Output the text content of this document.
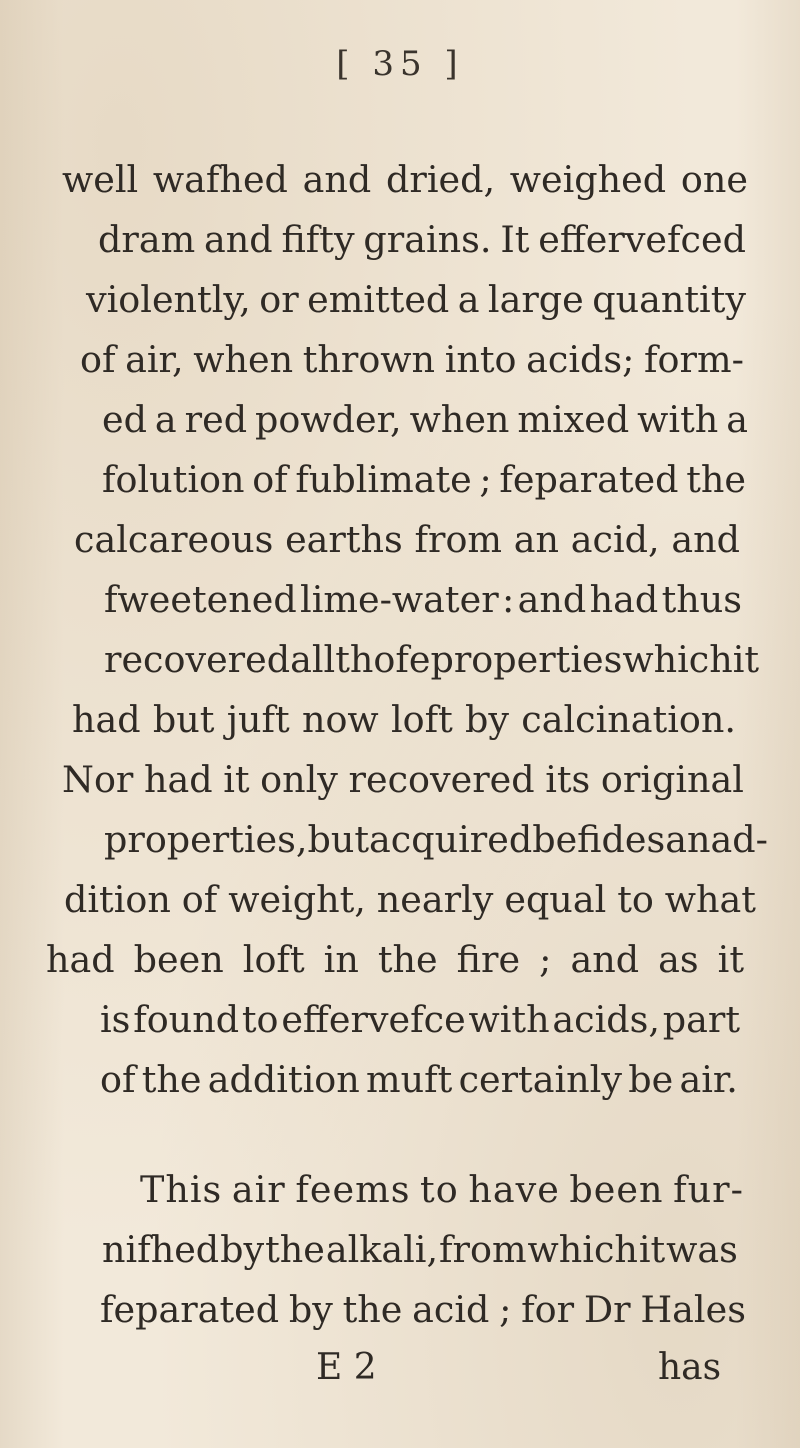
[ 35 ]
well wafhed and dried, weighed one
dram and fifty grains. It effervefced
violently, or emitted a large quantity
of air, when thrown into acids; form-
ed a red powder, when mixed with a
folution of fublimate ; feparated the
calcareous earths from an acid, and
fweetened lime-water : and had thus
recovered all thofe properties which it
had but juft now loft by calcination.
Nor had it only recovered its original
properties, but acquired befides an ad-
dition of weight, nearly equal to what
had been loft in the fire ; and as it
is found to effervefce with acids, part
of the addition muft certainly be air.
This air feems to have been fur-
nifhed by the alkali, from which it was
feparated by the acid ; for Dr Hales
E 2	has
